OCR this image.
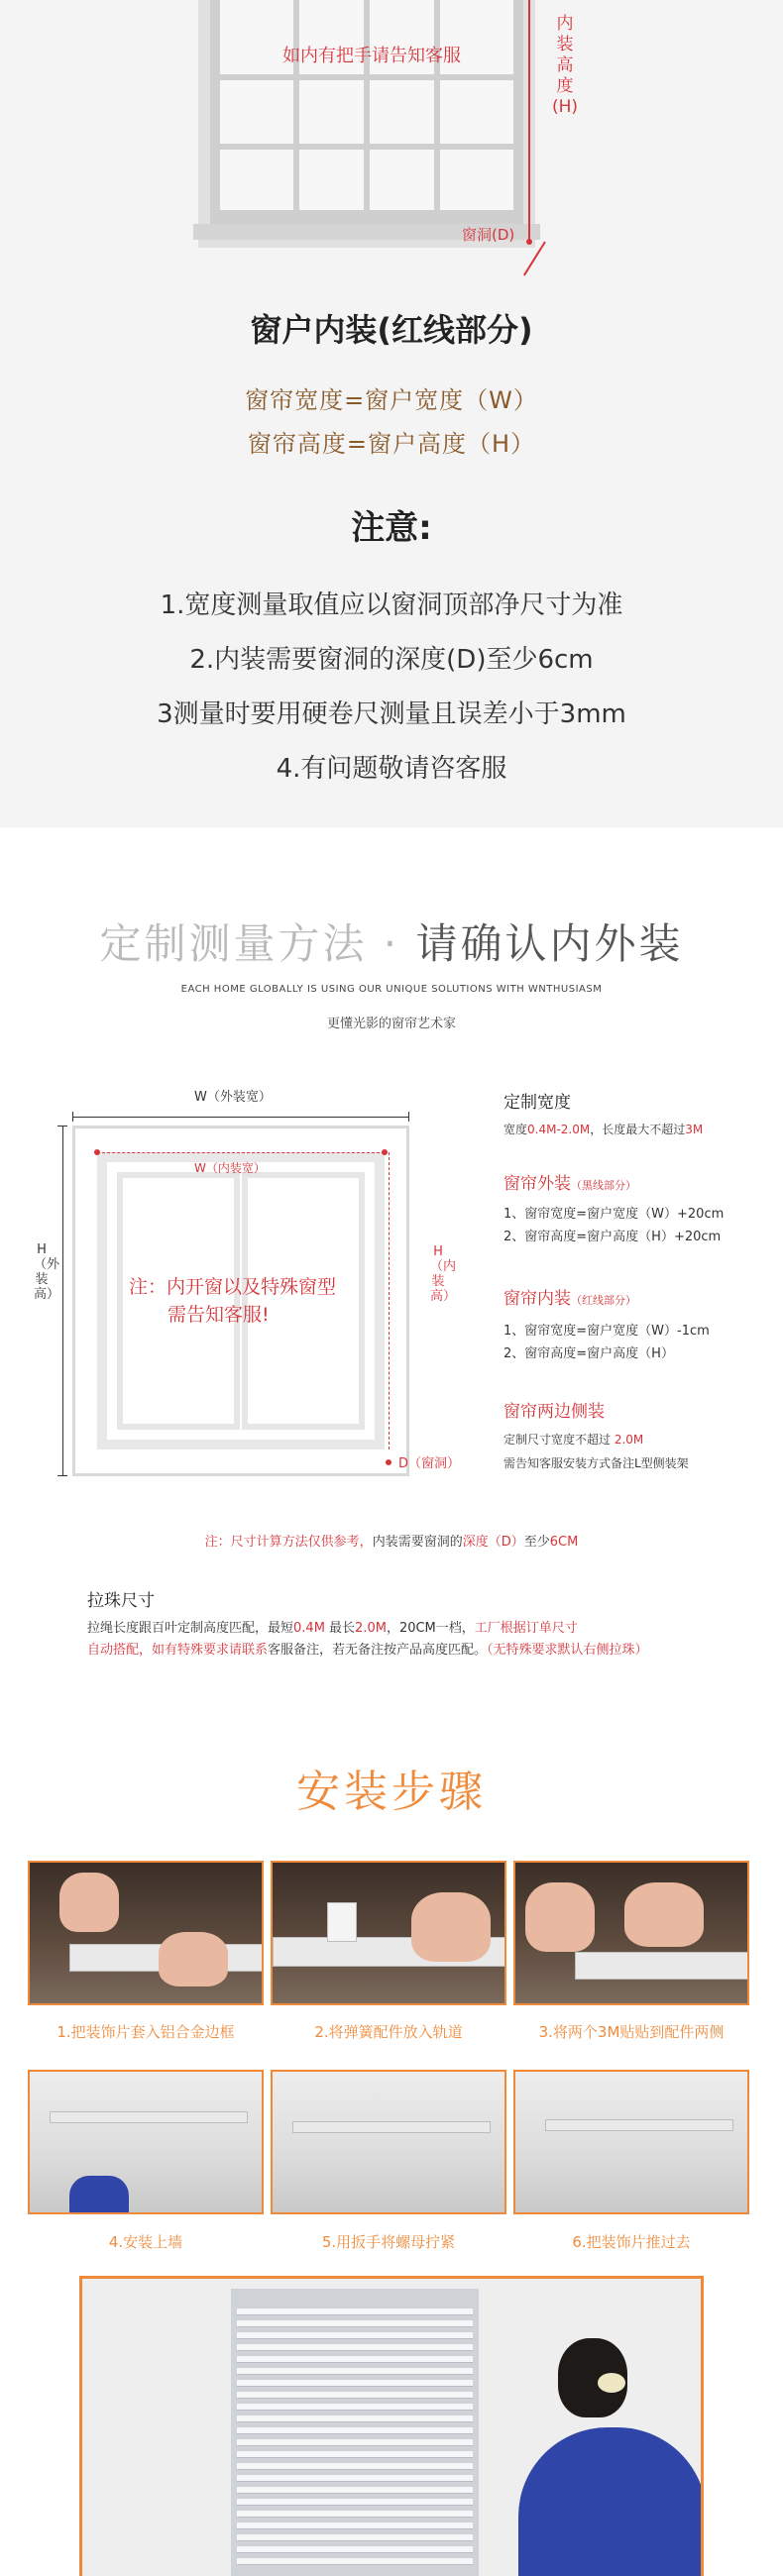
如内有把手请告知客服
内装高度(H)
窗洞(D)
窗户内装(红线部分)
窗帘宽度=窗户宽度（W）
窗帘高度=窗户高度（H）
注意:
1.宽度测量取值应以窗洞顶部净尺寸为准
2.内装需要窗洞的深度(D)至少6cm
3测量时要用硬卷尺测量且误差小于3mm
4.有问题敬请咨客服
定制测量方法 · 请确认内外装
EACH HOME GLOBALLY IS USING OUR UNIQUE SOLUTIONS WITH WNTHUSIASM
更懂光影的窗帘艺术家
W（外装宽）
H（外装高）
W（内装宽）
H（内装高）
D（窗洞）
注：内开窗以及特殊窗型
需告知客服!
定制宽度
宽度0.4M-2.0M，长度最大不超过3M
窗帘外装（黑线部分）
1、窗帘宽度=窗户宽度（W）+20cm
2、窗帘高度=窗户高度（H）+20cm
窗帘内装（红线部分）
1、窗帘宽度=窗户宽度（W）-1cm
2、窗帘高度=窗户高度（H）
窗帘两边侧装
定制尺寸宽度不超过 2.0M
需告知客服安装方式备注L型侧装架
注：尺寸计算方法仅供参考，内装需要窗洞的深度（D）至少6CM
拉珠尺寸
拉绳长度跟百叶定制高度匹配，最短0.4M 最长2.0M，20CM一档，工厂根据订单尺寸
自动搭配，如有特殊要求请联系客服备注，若无备注按产品高度匹配。（无特殊要求默认右侧拉珠）
安装步骤
1.把装饰片套入铝合金边框	2.将弹簧配件放入轨道	3.将两个3M贴贴到配件两侧
4.安装上墙	5.用扳手将螺母拧紧	6.把装饰片推过去
